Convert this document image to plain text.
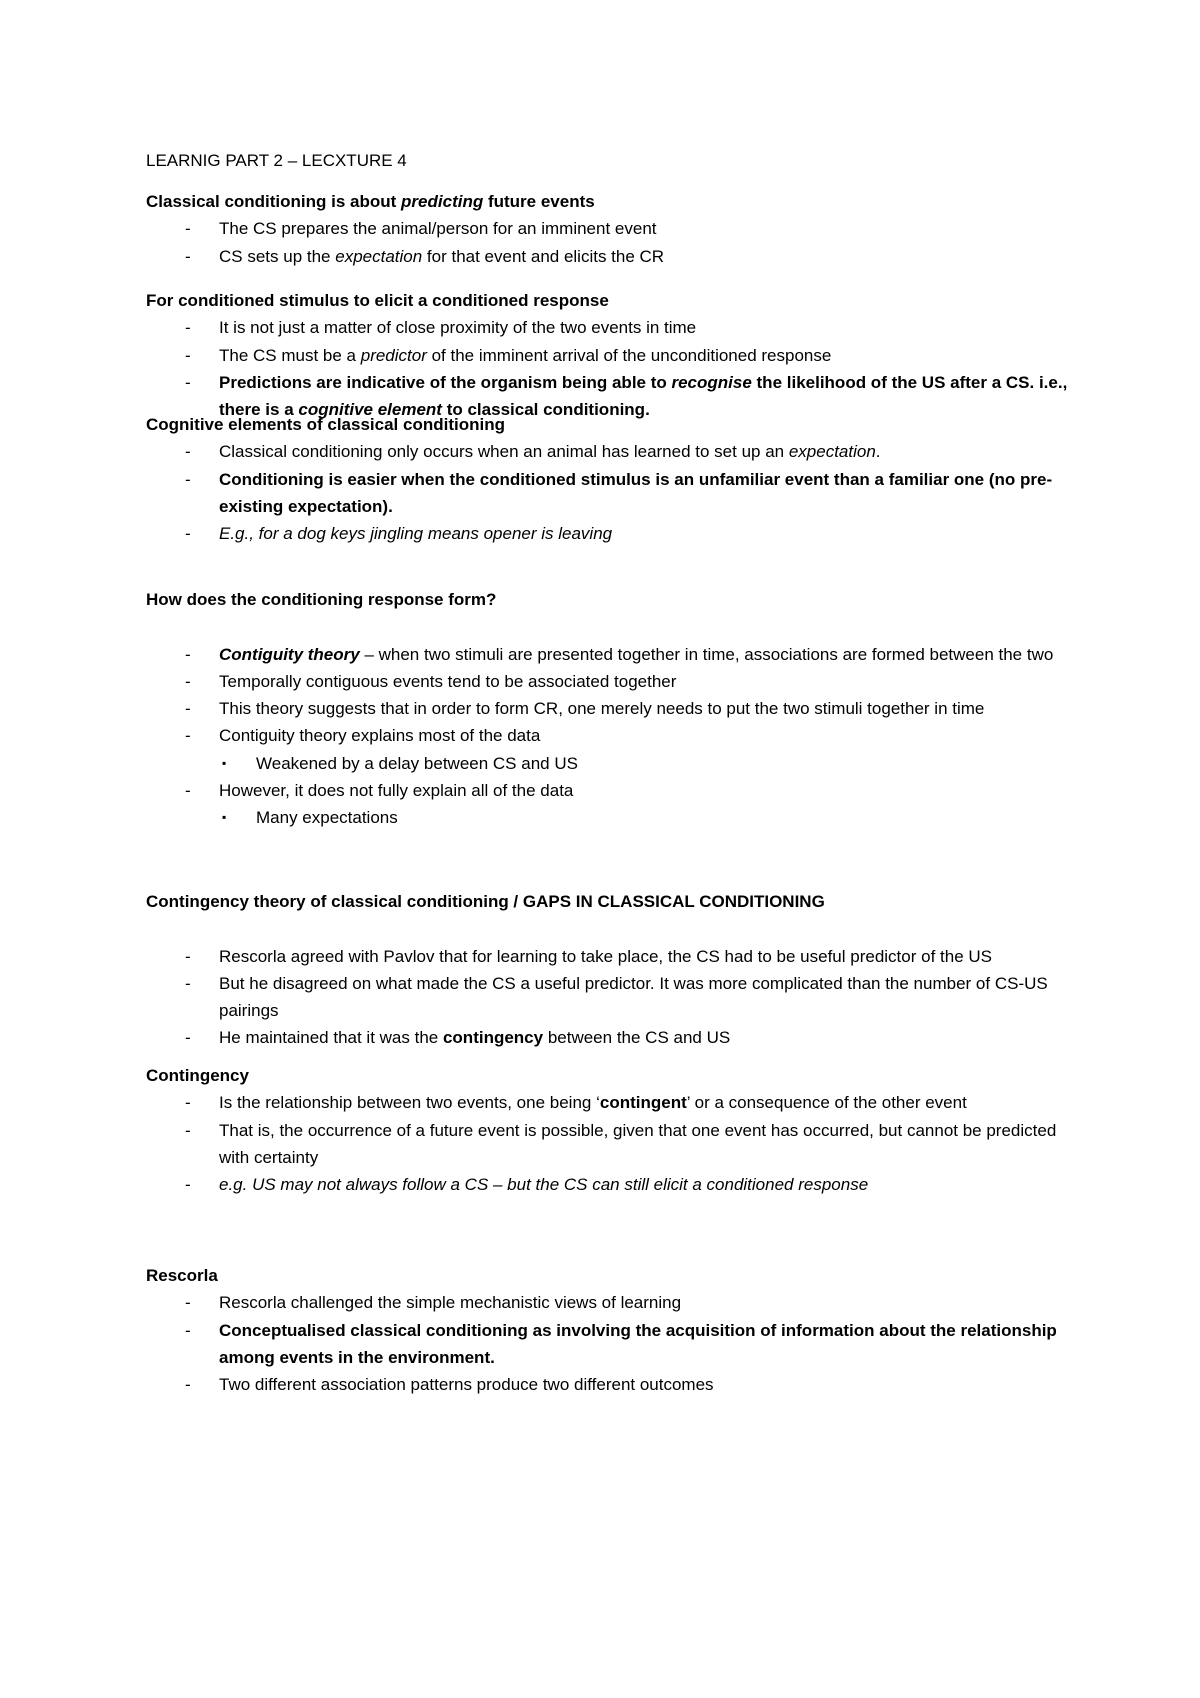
LEARNIG PART 2 – LECXTURE 4
Classical conditioning is about predicting future events
- The CS prepares the animal/person for an imminent event
- CS sets up the expectation for that event and elicits the CR
For conditioned stimulus to elicit a conditioned response
- It is not just a matter of close proximity of the two events in time
- The CS must be a predictor of the imminent arrival of the unconditioned response
- Predictions are indicative of the organism being able to recognise the likelihood of the US after a CS. i.e., there is a cognitive element to classical conditioning.
Cognitive elements of classical conditioning
- Classical conditioning only occurs when an animal has learned to set up an expectation.
- Conditioning is easier when the conditioned stimulus is an unfamiliar event than a familiar one (no pre-existing expectation).
- E.g., for a dog keys jingling means opener is leaving
How does the conditioning response form?
- Contiguity theory – when two stimuli are presented together in time, associations are formed between the two
- Temporally contiguous events tend to be associated together
- This theory suggests that in order to form CR, one merely needs to put the two stimuli together in time
- Contiguity theory explains most of the data
▪ Weakened by a delay between CS and US
- However, it does not fully explain all of the data
▪ Many expectations
Contingency theory of classical conditioning / GAPS IN CLASSICAL CONDITIONING
- Rescorla agreed with Pavlov that for learning to take place, the CS had to be useful predictor of the US
- But he disagreed on what made the CS a useful predictor. It was more complicated than the number of CS-US pairings
- He maintained that it was the contingency between the CS and US
Contingency
- Is the relationship between two events, one being ‘contingent’ or a consequence of the other event
- That is, the occurrence of a future event is possible, given that one event has occurred, but cannot be predicted with certainty
- e.g. US may not always follow a CS – but the CS can still elicit a conditioned response
Rescorla
- Rescorla challenged the simple mechanistic views of learning
- Conceptualised classical conditioning as involving the acquisition of information about the relationship among events in the environment.
- Two different association patterns produce two different outcomes
